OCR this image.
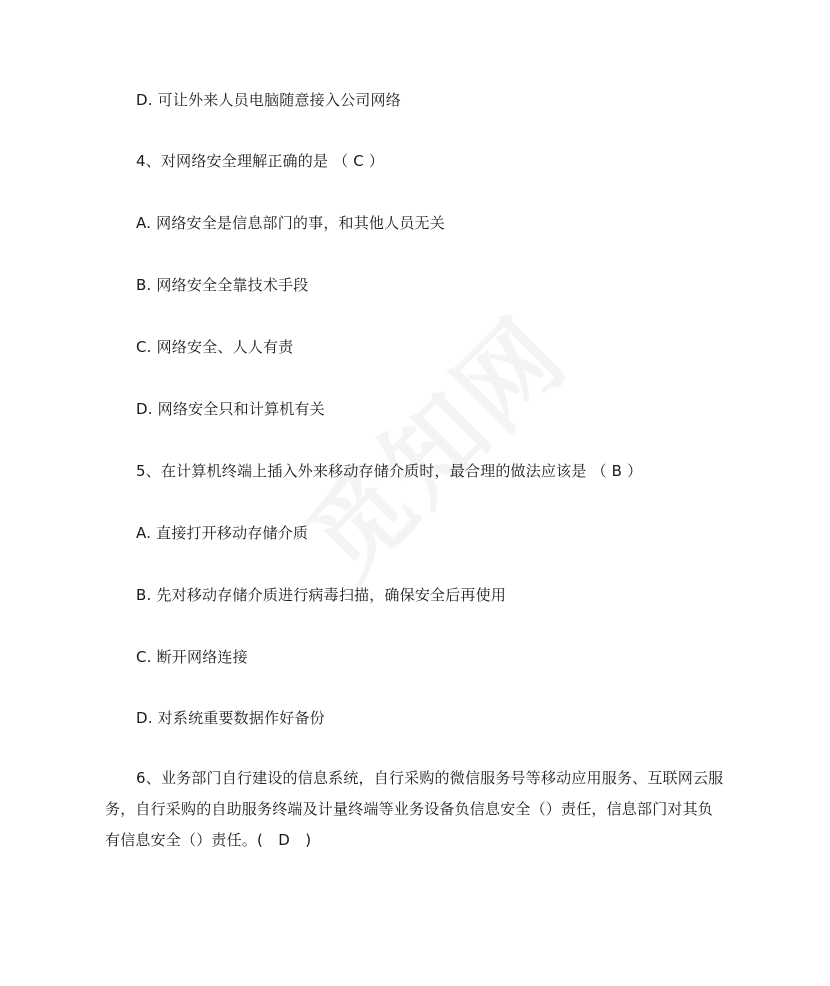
D. 可让外来人员电脑随意接入公司网络
4、对网络安全理解正确的是 （ C ）
A. 网络安全是信息部门的事，和其他人员无关
B. 网络安全全靠技术手段
C. 网络安全、人人有责
D. 网络安全只和计算机有关
5、在计算机终端上插入外来移动存储介质时，最合理的做法应该是 （ B ）
A. 直接打开移动存储介质
B. 先对移动存储介质进行病毒扫描，确保安全后再使用
C. 断开网络连接
D. 对系统重要数据作好备份
6、业务部门自行建设的信息系统，自行采购的微信服务号等移动应用服务、互联网云服务，自行采购的自助服务终端及计量终端等业务设备负信息安全（）责任，信息部门对其负有信息安全（）责任。(　D　)
